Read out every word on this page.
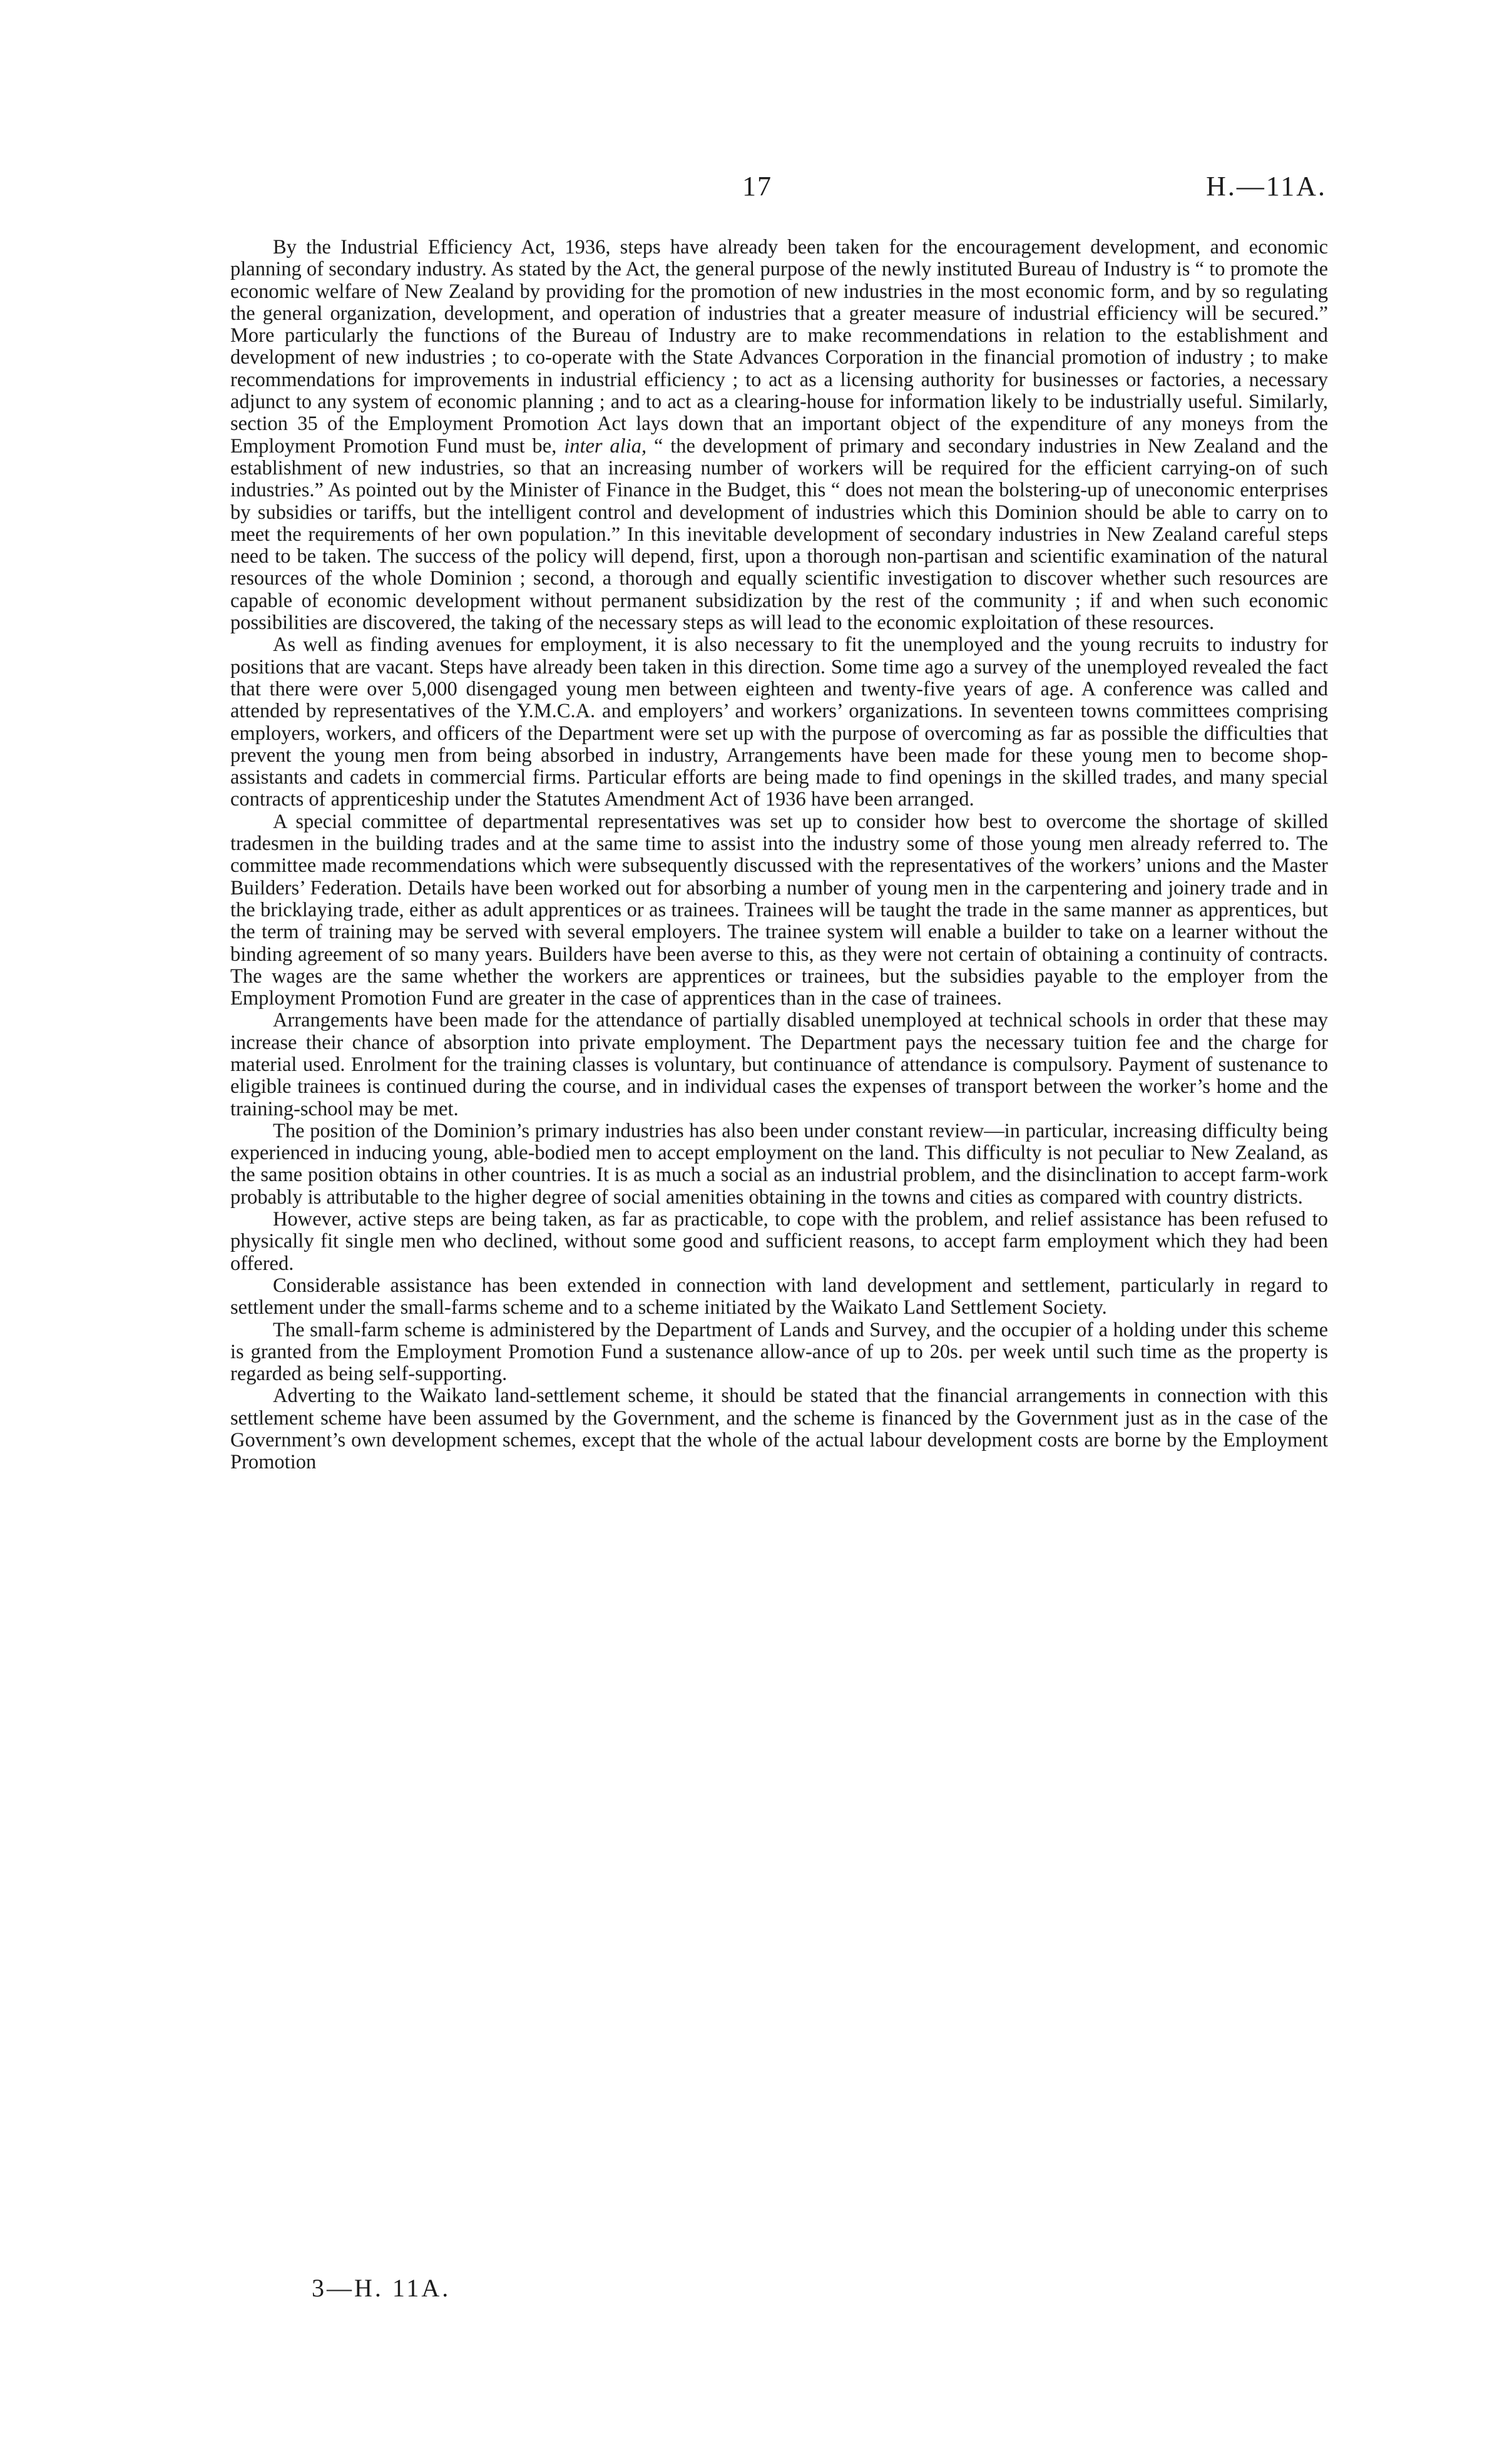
17	H.—11A.

By the Industrial Efficiency Act, 1936, steps have already been taken for the encouragement development, and economic planning of secondary industry. As stated by the Act, the general purpose of the newly instituted Bureau of Industry is “ to promote the economic welfare of New Zealand by providing for the promotion of new industries in the most economic form, and by so regulating the general organization, development, and operation of industries that a greater measure of industrial efficiency will be secured.” More particularly the functions of the Bureau of Industry are to make recommendations in relation to the establishment and development of new industries ; to co-operate with the State Advances Corporation in the financial promotion of industry ; to make recommendations for improvements in industrial efficiency ; to act as a licensing authority for businesses or factories, a necessary adjunct to any system of economic planning ; and to act as a clearing-house for information likely to be industrially useful. Similarly, section 35 of the Employment Promotion Act lays down that an important object of the expenditure of any moneys from the Employment Promotion Fund must be, inter alia, “ the development of primary and secondary industries in New Zealand and the establishment of new industries, so that an increasing number of workers will be required for the efficient carrying-on of such industries.” As pointed out by the Minister of Finance in the Budget, this “ does not mean the bolstering-up of uneconomic enterprises by subsidies or tariffs, but the intelligent control and development of industries which this Dominion should be able to carry on to meet the requirements of her own population.” In this inevitable development of secondary industries in New Zealand careful steps need to be taken. The success of the policy will depend, first, upon a thorough non-partisan and scientific examination of the natural resources of the whole Dominion ; second, a thorough and equally scientific investigation to discover whether such resources are capable of economic development without permanent subsidization by the rest of the community ; if and when such economic possibilities are discovered, the taking of the necessary steps as will lead to the economic exploitation of these resources.

As well as finding avenues for employment, it is also necessary to fit the unemployed and the young recruits to industry for positions that are vacant. Steps have already been taken in this direction. Some time ago a survey of the unemployed revealed the fact that there were over 5,000 disengaged young men between eighteen and twenty-five years of age. A conference was called and attended by representatives of the Y.M.C.A. and employers’ and workers’ organizations. In seventeen towns committees comprising employers, workers, and officers of the Department were set up with the purpose of overcoming as far as possible the difficulties that prevent the young men from being absorbed in industry, Arrangements have been made for these young men to become shop-assistants and cadets in commercial firms. Particular efforts are being made to find openings in the skilled trades, and many special contracts of apprenticeship under the Statutes Amendment Act of 1936 have been arranged.

A special committee of departmental representatives was set up to consider how best to overcome the shortage of skilled tradesmen in the building trades and at the same time to assist into the industry some of those young men already referred to. The committee made recommendations which were subsequently discussed with the representatives of the workers’ unions and the Master Builders’ Federation. Details have been worked out for absorbing a number of young men in the carpentering and joinery trade and in the bricklaying trade, either as adult apprentices or as trainees. Trainees will be taught the trade in the same manner as apprentices, but the term of training may be served with several employers. The trainee system will enable a builder to take on a learner without the binding agreement of so many years. Builders have been averse to this, as they were not certain of obtaining a continuity of contracts. The wages are the same whether the workers are apprentices or trainees, but the subsidies payable to the employer from the Employment Promotion Fund are greater in the case of apprentices than in the case of trainees.

Arrangements have been made for the attendance of partially disabled unemployed at technical schools in order that these may increase their chance of absorption into private employment. The Department pays the necessary tuition fee and the charge for material used. Enrolment for the training classes is voluntary, but continuance of attendance is compulsory. Payment of sustenance to eligible trainees is continued during the course, and in individual cases the expenses of transport between the worker’s home and the training-school may be met.

The position of the Dominion’s primary industries has also been under constant review—in particular, increasing difficulty being experienced in inducing young, able-bodied men to accept employment on the land. This difficulty is not peculiar to New Zealand, as the same position obtains in other countries. It is as much a social as an industrial problem, and the disinclination to accept farm-work probably is attributable to the higher degree of social amenities obtaining in the towns and cities as compared with country districts.

However, active steps are being taken, as far as practicable, to cope with the problem, and relief assistance has been refused to physically fit single men who declined, without some good and sufficient reasons, to accept farm employment which they had been offered.

Considerable assistance has been extended in connection with land development and settlement, particularly in regard to settlement under the small-farms scheme and to a scheme initiated by the Waikato Land Settlement Society.

The small-farm scheme is administered by the Department of Lands and Survey, and the occupier of a holding under this scheme is granted from the Employment Promotion Fund a sustenance allow-ance of up to 20s. per week until such time as the property is regarded as being self-supporting.

Adverting to the Waikato land-settlement scheme, it should be stated that the financial arrangements in connection with this settlement scheme have been assumed by the Government, and the scheme is financed by the Government just as in the case of the Government’s own development schemes, except that the whole of the actual labour development costs are borne by the Employment Promotion

3—H. 11A.
